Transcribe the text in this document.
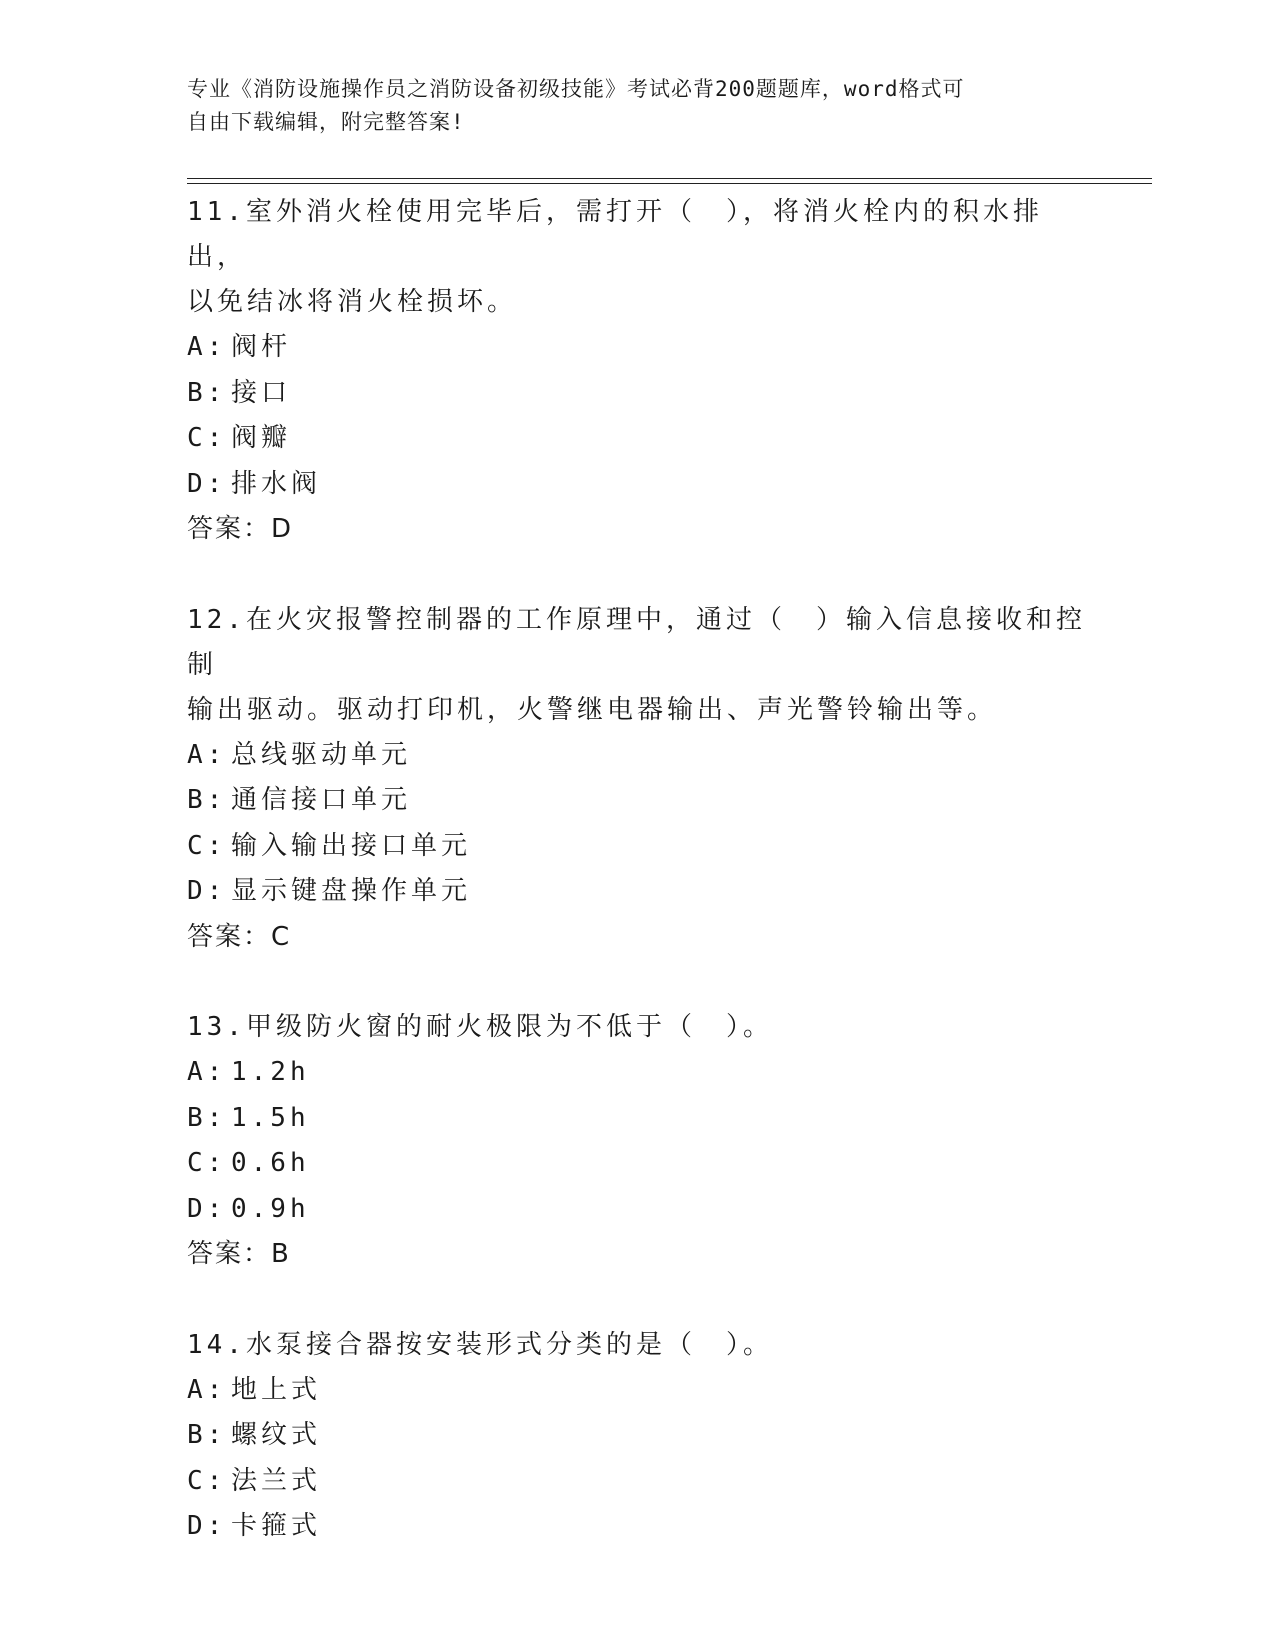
专业《消防设施操作员之消防设备初级技能》考试必背200题题库，word格式可
自由下载编辑，附完整答案!

11.室外消火栓使用完毕后，需打开（　），将消火栓内的积水排出，

以免结冰将消火栓损坏。

A: 阀杆

B: 接口

C: 阀瓣

D: 排水阀

答案：D

12.在火灾报警控制器的工作原理中，通过（　）输入信息接收和控制

输出驱动。驱动打印机，火警继电器输出、声光警铃输出等。

A: 总线驱动单元

B: 通信接口单元

C: 输入输出接口单元

D: 显示键盘操作单元

答案：C

13.甲级防火窗的耐火极限为不低于（　）。

A: 1.2h

B: 1.5h

C: 0.6h

D: 0.9h

答案：B

14.水泵接合器按安装形式分类的是（　）。

A: 地上式

B: 螺纹式

C: 法兰式

D: 卡箍式
